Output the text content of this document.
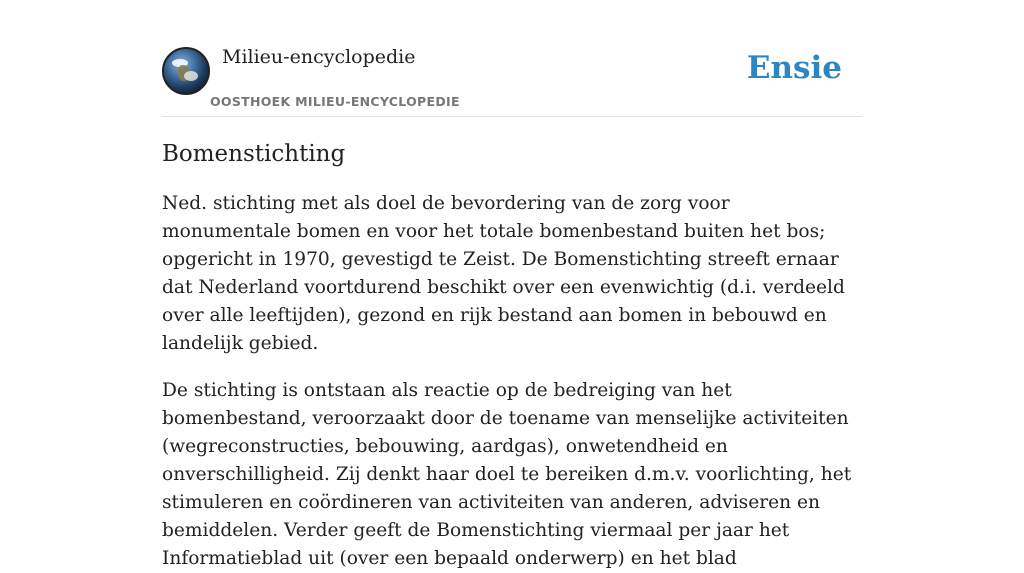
Milieu-encyclopedie
OOSTHOEK MILIEU-ENCYCLOPEDIE
Ensie
Bomenstichting

Ned. stichting met als doel de bevordering van de zorg voor monumentale bomen en voor het totale bomenbestand buiten het bos; opgericht in 1970, gevestigd te Zeist. De Bomenstichting streeft ernaar dat Nederland voortdurend beschikt over een evenwichtig (d.i. verdeeld over alle leeftijden), gezond en rijk bestand aan bomen in bebouwd en landelijk gebied.

De stichting is ontstaan als reactie op de bedreiging van het bomenbestand, veroorzaakt door de toename van menselijke activiteiten (wegreconstructies, bebouwing, aardgas), onwetendheid en onverschilligheid. Zij denkt haar doel te bereiken d.m.v. voorlichting, het stimuleren en coördineren van activiteiten van anderen, adviseren en bemiddelen. Verder geeft de Bomenstichting viermaal per jaar het Informatieblad uit (over een bepaald onderwerp) en het blad
